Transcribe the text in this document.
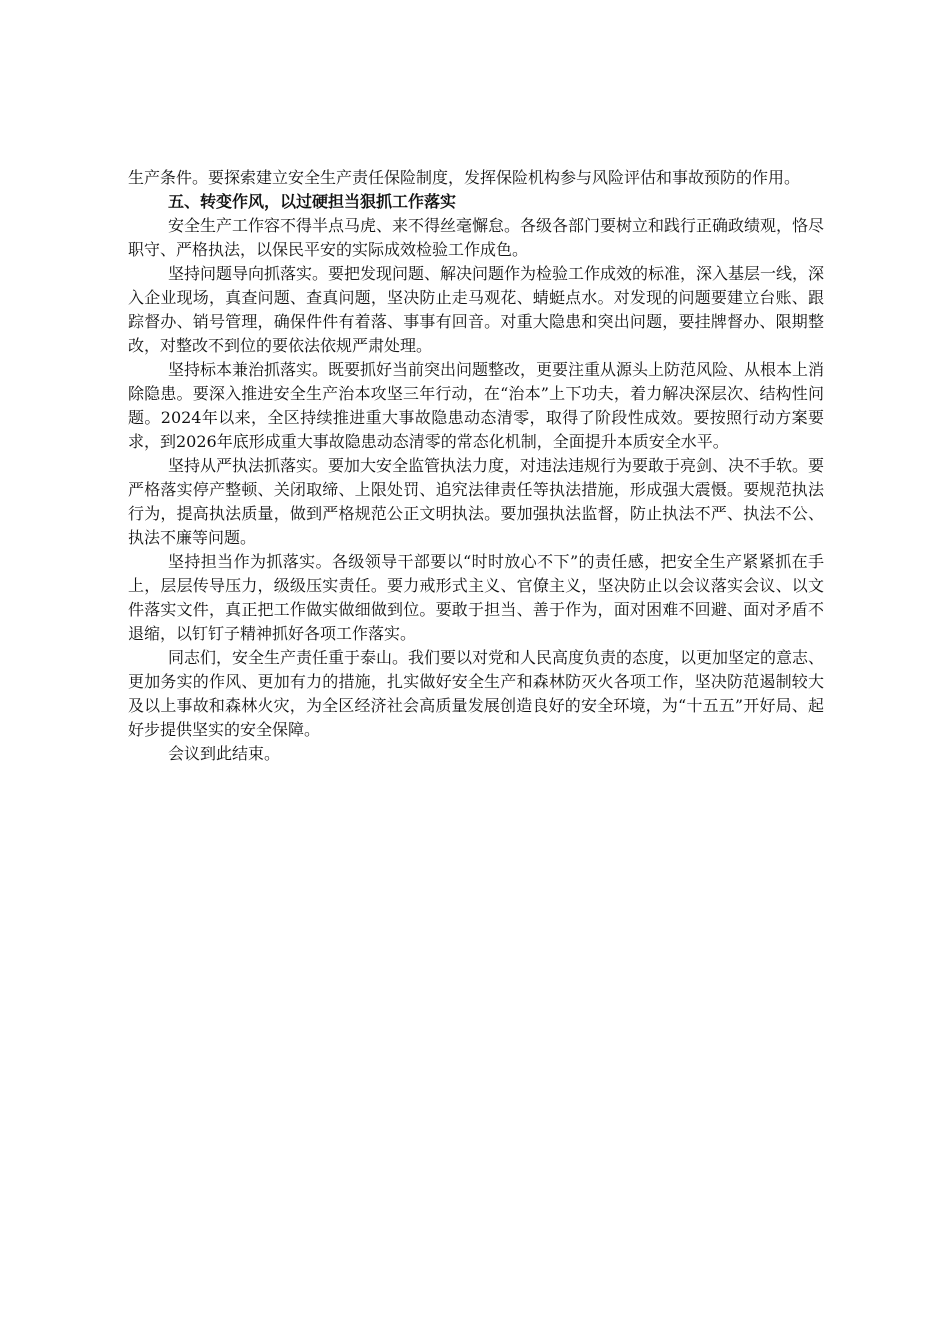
生产条件。要探索建立安全生产责任保险制度，发挥保险机构参与风险评估和事故预防的作用。

五、转变作风，以过硬担当狠抓工作落实

安全生产工作容不得半点马虎、来不得丝毫懈怠。各级各部门要树立和践行正确政绩观，恪尽职守、严格执法，以保民平安的实际成效检验工作成色。

坚持问题导向抓落实。要把发现问题、解决问题作为检验工作成效的标准，深入基层一线，深入企业现场，真查问题、查真问题，坚决防止走马观花、蜻蜓点水。对发现的问题要建立台账、跟踪督办、销号管理，确保件件有着落、事事有回音。对重大隐患和突出问题，要挂牌督办、限期整改，对整改不到位的要依法依规严肃处理。

坚持标本兼治抓落实。既要抓好当前突出问题整改，更要注重从源头上防范风险、从根本上消除隐患。要深入推进安全生产治本攻坚三年行动，在“治本”上下功夫，着力解决深层次、结构性问题。2024年以来，全区持续推进重大事故隐患动态清零，取得了阶段性成效。要按照行动方案要求，到2026年底形成重大事故隐患动态清零的常态化机制，全面提升本质安全水平。

坚持从严执法抓落实。要加大安全监管执法力度，对违法违规行为要敢于亮剑、决不手软。要严格落实停产整顿、关闭取缔、上限处罚、追究法律责任等执法措施，形成强大震慑。要规范执法行为，提高执法质量，做到严格规范公正文明执法。要加强执法监督，防止执法不严、执法不公、执法不廉等问题。

坚持担当作为抓落实。各级领导干部要以“时时放心不下”的责任感，把安全生产紧紧抓在手上，层层传导压力，级级压实责任。要力戒形式主义、官僚主义，坚决防止以会议落实会议、以文件落实文件，真正把工作做实做细做到位。要敢于担当、善于作为，面对困难不回避、面对矛盾不退缩，以钉钉子精神抓好各项工作落实。

同志们，安全生产责任重于泰山。我们要以对党和人民高度负责的态度，以更加坚定的意志、更加务实的作风、更加有力的措施，扎实做好安全生产和森林防灭火各项工作，坚决防范遏制较大及以上事故和森林火灾，为全区经济社会高质量发展创造良好的安全环境，为“十五五”开好局、起好步提供坚实的安全保障。

会议到此结束。
